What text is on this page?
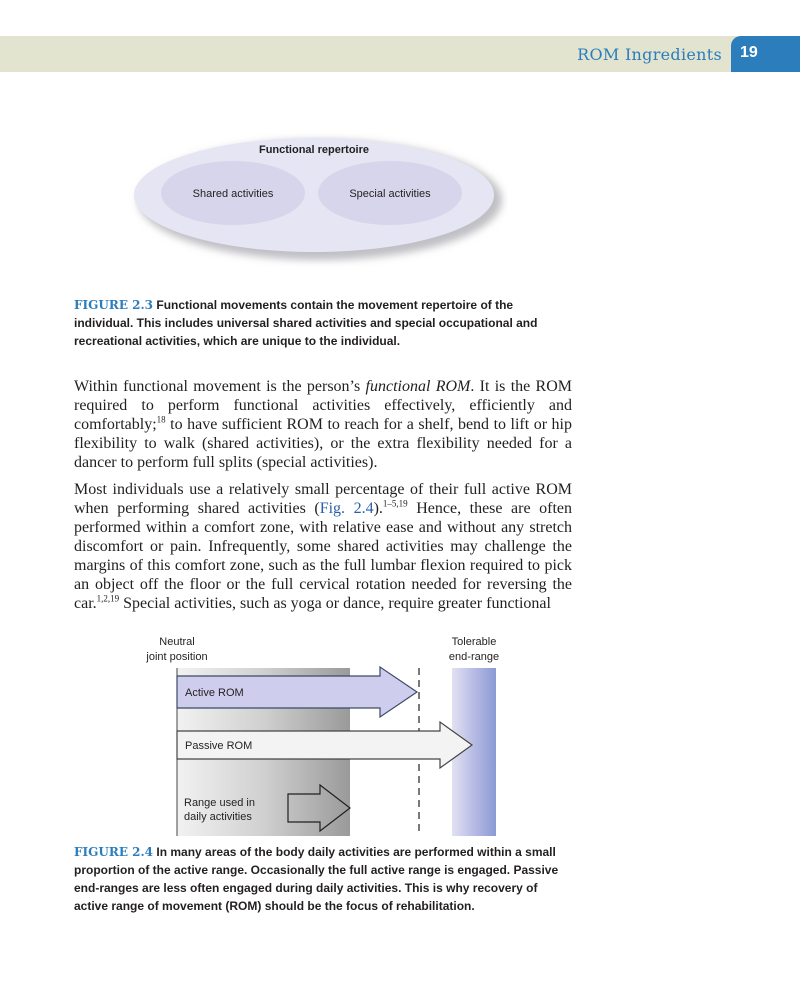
ROM Ingredients 19
Functional repertoire
Shared activities	Special activities
FIGURE 2.3 Functional movements contain the movement repertoire of the individual. This includes universal shared activities and special occupational and recreational activities, which are unique to the individual.

Within functional movement is the person’s functional ROM. It is the ROM required to perform functional activities effectively, efficiently and comfortably;$^{18}$ to have sufficient ROM to reach for a shelf, bend to lift or hip flexibility to walk (shared activities), or the extra flexibility needed for a dancer to perform full splits (special activities).

Most individuals use a relatively small percentage of their full active ROM when performing shared activities (Fig. 2.4).$^{1-5,19}$ Hence, these are often performed within a comfort zone, with relative ease and without any stretch discomfort or pain. Infrequently, some shared activities may challenge the margins of this comfort zone, such as the full lumbar flexion required to pick an object off the floor or the full cervical rotation needed for reversing the car.$^{1,2,19}$ Special activities, such as yoga or dance, require greater functional

Neutral
joint position
Tolerable
end-range
Active ROM
Passive ROM
Range used in
daily activities
FIGURE 2.4 In many areas of the body daily activities are performed within a small proportion of the active range. Occasionally the full active range is engaged. Passive end-ranges are less often engaged during daily activities. This is why recovery of active range of movement (ROM) should be the focus of rehabilitation.
